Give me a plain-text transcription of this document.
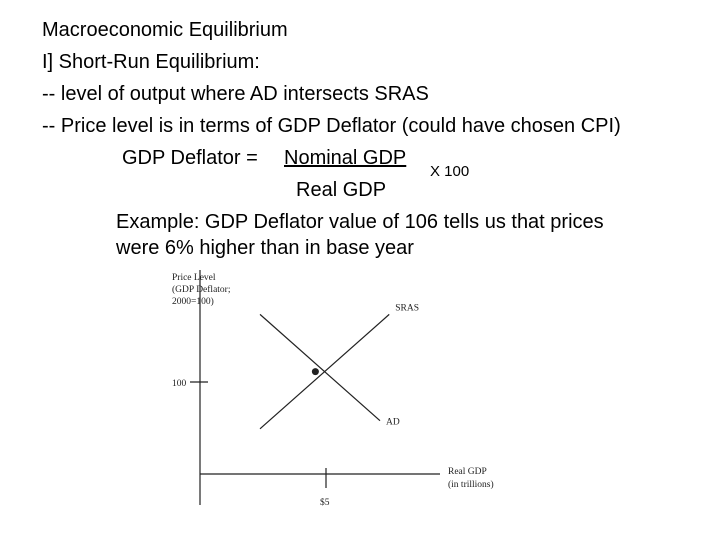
Macroeconomic Equilibrium
I] Short-Run Equilibrium:
-- level of output where AD intersects SRAS
-- Price level is in terms of GDP Deflator (could have chosen CPI)
GDP Deflator = Nominal GDP
X 100
Real GDP
Example: GDP Deflator value of 106 tells us that prices
were 6% higher than in base year
Price Level
(GDP Deflator;
2000=100)
100
$5
Real GDP
(in trillions)
SRAS
AD
